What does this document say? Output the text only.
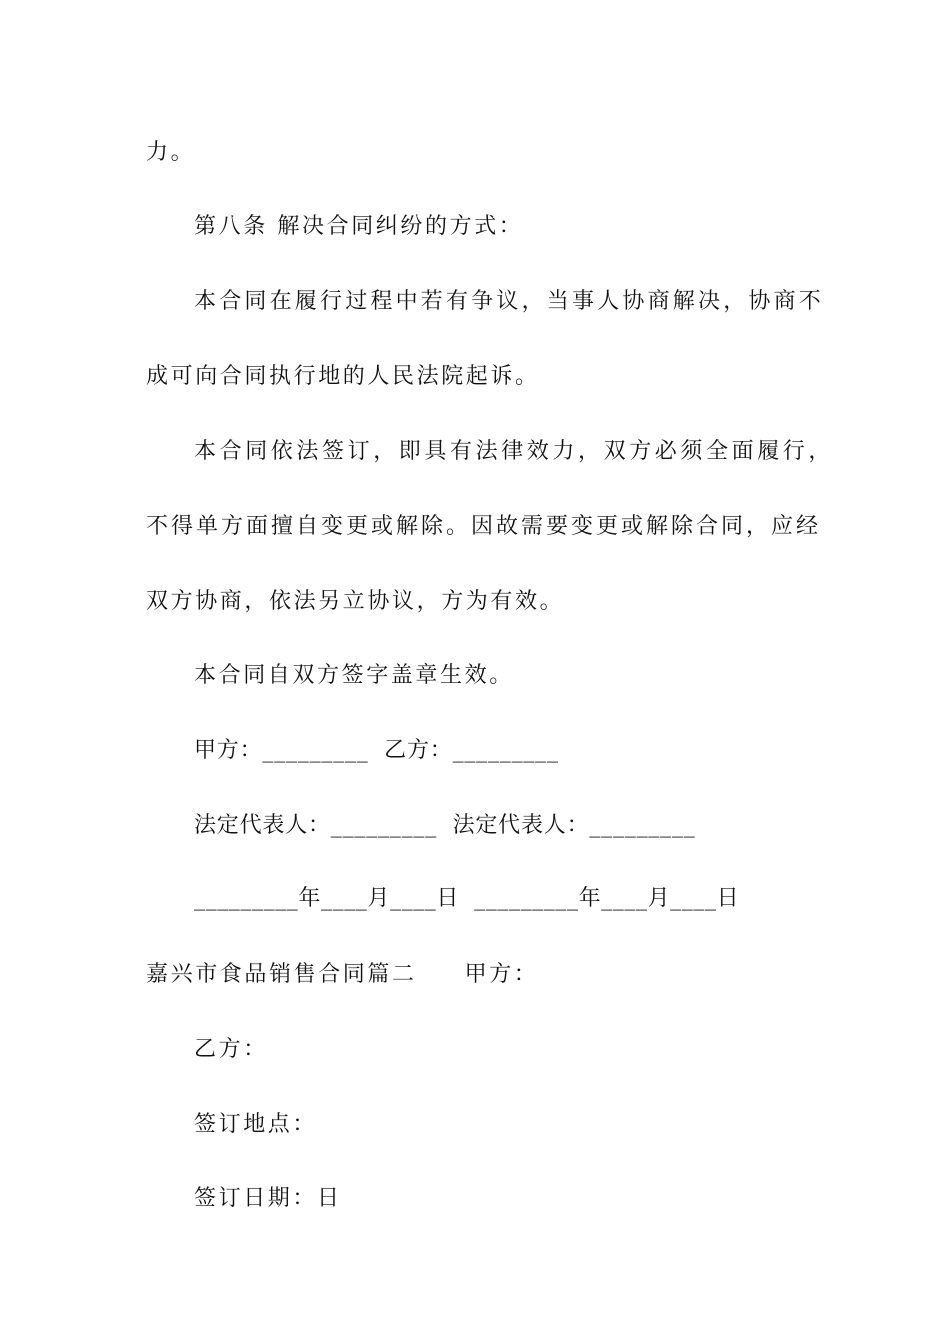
力。
第八条 解决合同纠纷的方式：
本合同在履行过程中若有争议，当事人协商解决，协商不
成可向合同执行地的人民法院起诉。
本合同依法签订，即具有法律效力，双方必须全面履行，
不得单方面擅自变更或解除。因故需要变更或解除合同，应经
双方协商，依法另立协议，方为有效。
本合同自双方签字盖章生效。
甲方：_________  乙方：_________
法定代表人：_________  法定代表人：_________
_________年____月____日  _________年____月____日
嘉兴市食品销售合同篇二     甲方：
乙方：
签订地点：
签订日期：日
